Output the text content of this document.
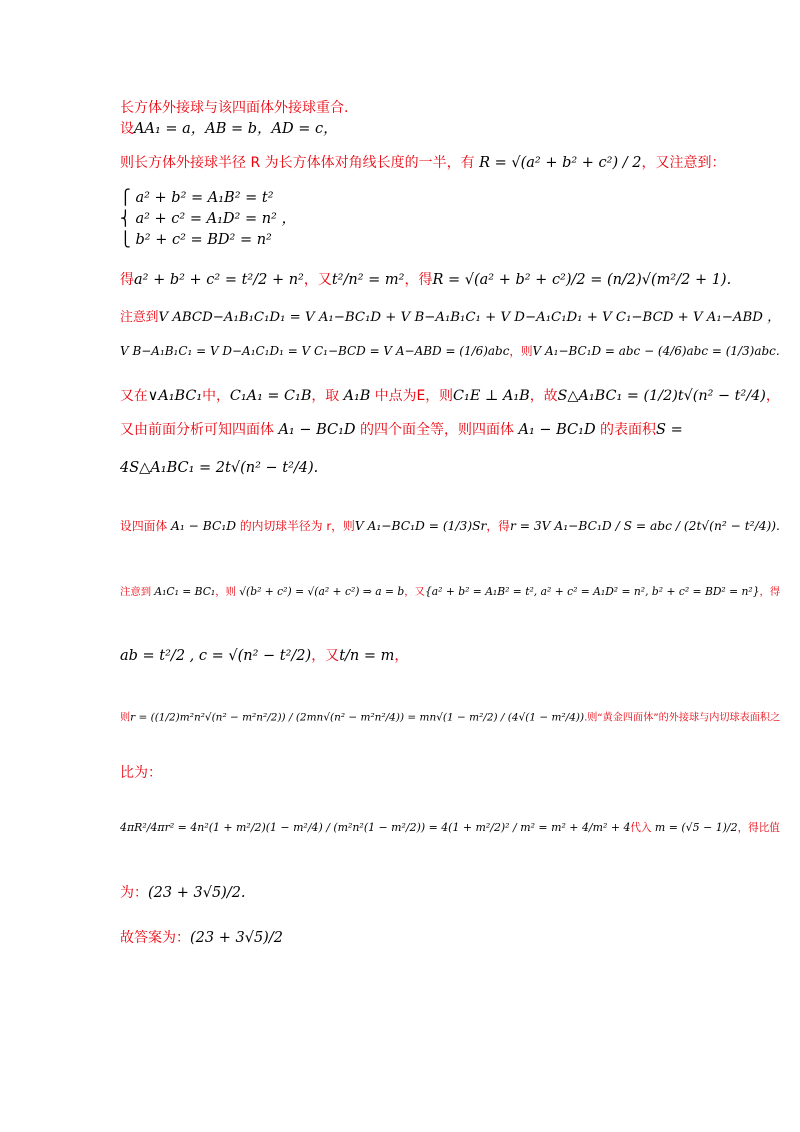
长方体外接球与该四面体外接球重合.
设AA₁ = a，AB = b，AD = c，
则长方体外接球半径 R 为长方体体对角线长度的一半，有 R = √(a² + b² + c²) / 2，又注意到：
⎧ a² + b² = A₁B² = t²
⎨ a² + c² = A₁D² = n² ，
⎩ b² + c² = BD² = n²
得a² + b² + c² = t²/2 + n²，又t²/n² = m²，得R = √(a² + b² + c²)/2 = (n/2)√(m²/2 + 1).
注意到V ABCD−A₁B₁C₁D₁ = V A₁−BC₁D + V B−A₁B₁C₁ + V D−A₁C₁D₁ + V C₁−BCD + V A₁−ABD ，
V B−A₁B₁C₁ = V D−A₁C₁D₁ = V C₁−BCD = V A−ABD = (1/6)abc，则V A₁−BC₁D = abc − (4/6)abc = (1/3)abc.
又在∨A₁BC₁中，C₁A₁ = C₁B，取 A₁B 中点为E，则C₁E ⊥ A₁B，故S△A₁BC₁ = (1/2)t√(n² − t²/4)，
又由前面分析可知四面体 A₁ − BC₁D 的四个面全等，则四面体 A₁ − BC₁D 的表面积S =
4S△A₁BC₁ = 2t√(n² − t²/4).
设四面体 A₁ − BC₁D 的内切球半径为 r，则V A₁−BC₁D = (1/3)Sr，得r = 3V A₁−BC₁D / S = abc / (2t√(n² − t²/4)).
注意到 A₁C₁ = BC₁，则 √(b² + c²) = √(a² + c²) ⇒ a = b，又{a² + b² = A₁B² = t², a² + c² = A₁D² = n², b² + c² = BD² = n²}，得
ab = t²/2 , c = √(n² − t²/2)，又t/n = m，
则r = ((1/2)m²n²√(n² − m²n²/2)) / (2mn√(n² − m²n²/4)) = mn√(1 − m²/2) / (4√(1 − m²/4)).则“黄金四面体”的外接球与内切球表面积之
比为：
4πR²/4πr² = 4n²(1 + m²/2)(1 − m²/4) / (m²n²(1 − m²/2)) = 4(1 + m²/2)² / m² = m² + 4/m² + 4代入 m = (√5 − 1)/2，得比值
为：(23 + 3√5)/2.
故答案为：(23 + 3√5)/2
